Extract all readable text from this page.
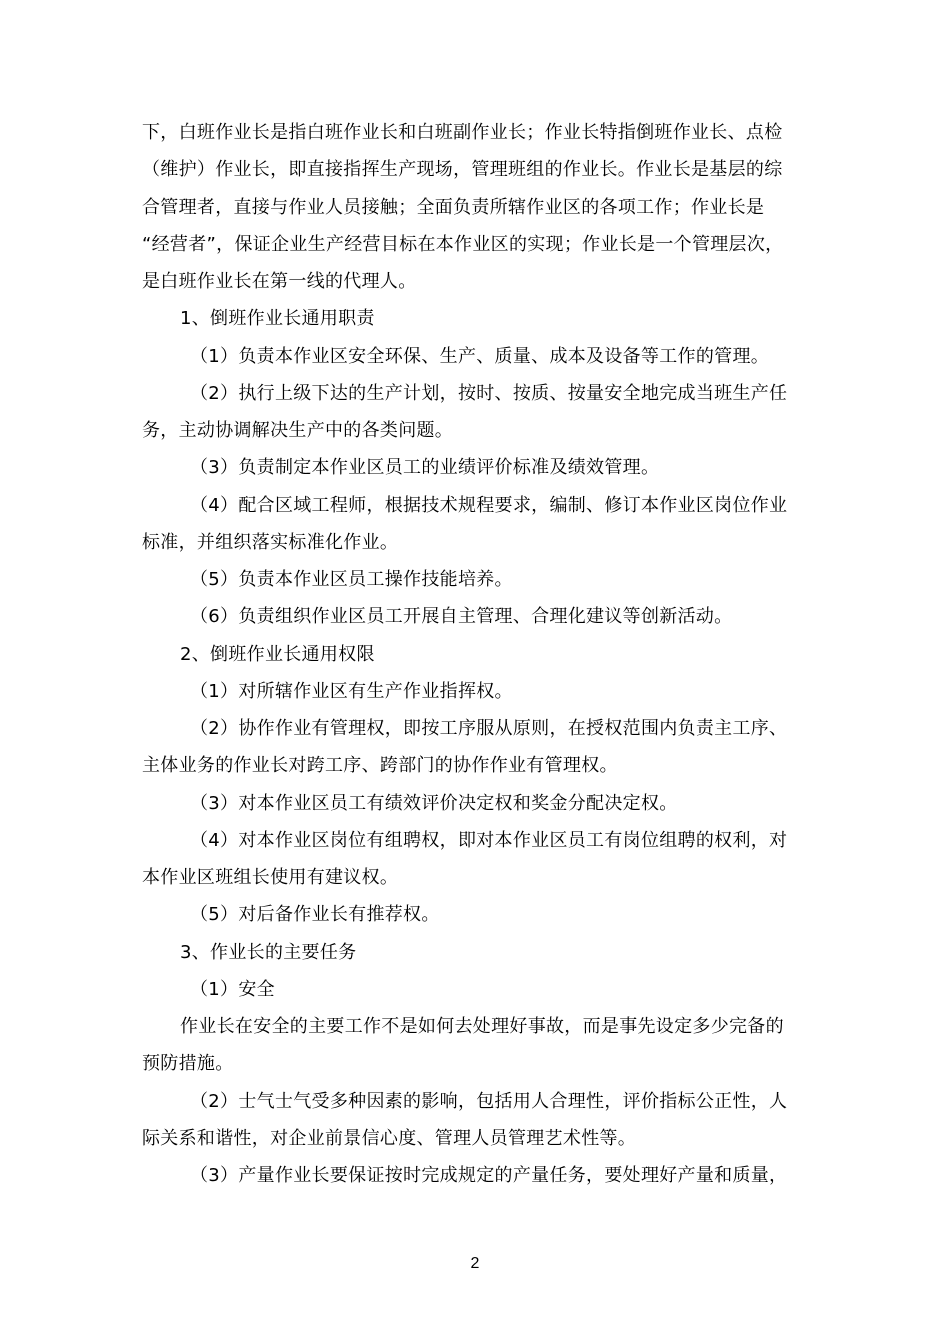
下，白班作业长是指白班作业长和白班副作业长；作业长特指倒班作业长、点检
（维护）作业长，即直接指挥生产现场，管理班组的作业长。作业长是基层的综
合管理者，直接与作业人员接触；全面负责所辖作业区的各项工作；作业长是
“经营者”，保证企业生产经营目标在本作业区的实现；作业长是一个管理层次，
是白班作业长在第一线的代理人。
1、倒班作业长通用职责
（1）负责本作业区安全环保、生产、质量、成本及设备等工作的管理。
（2）执行上级下达的生产计划，按时、按质、按量安全地完成当班生产任
务，主动协调解决生产中的各类问题。
（3）负责制定本作业区员工的业绩评价标准及绩效管理。
（4）配合区域工程师，根据技术规程要求，编制、修订本作业区岗位作业
标准，并组织落实标准化作业。
（5）负责本作业区员工操作技能培养。
（6）负责组织作业区员工开展自主管理、合理化建议等创新活动。
2、倒班作业长通用权限
（1）对所辖作业区有生产作业指挥权。
（2）协作作业有管理权，即按工序服从原则，在授权范围内负责主工序、
主体业务的作业长对跨工序、跨部门的协作作业有管理权。
（3）对本作业区员工有绩效评价决定权和奖金分配决定权。
（4）对本作业区岗位有组聘权，即对本作业区员工有岗位组聘的权利，对
本作业区班组长使用有建议权。
（5）对后备作业长有推荐权。
3、作业长的主要任务
（1）安全
作业长在安全的主要工作不是如何去处理好事故，而是事先设定多少完备的
预防措施。
（2）士气士气受多种因素的影响，包括用人合理性，评价指标公正性，人
际关系和谐性，对企业前景信心度、管理人员管理艺术性等。
（3）产量作业长要保证按时完成规定的产量任务，要处理好产量和质量，
2
